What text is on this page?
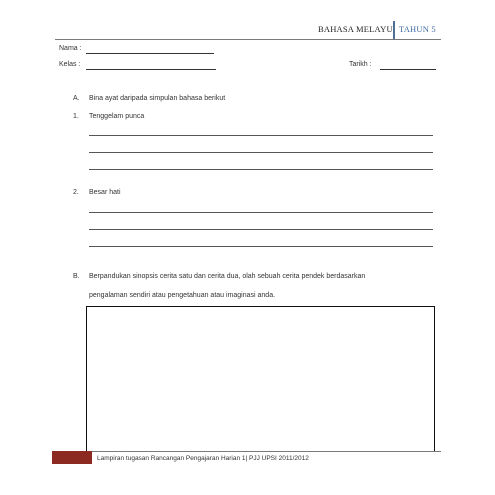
BAHASA MELAYU TAHUN 5
Nama :
Kelas :	Tarikh :
A. Bina ayat daripada simpulan bahasa berikut
1. Tenggelam punca
2. Besar hati
B. Berpandukan sinopsis cerita satu dan cerita dua, olah sebuah cerita pendek berdasarkan
pengalaman sendiri atau pengetahuan atau imaginasi anda.
Lampiran tugasan Rancangan Pengajaran Harian 1| PJJ UPSI 2011/2012
